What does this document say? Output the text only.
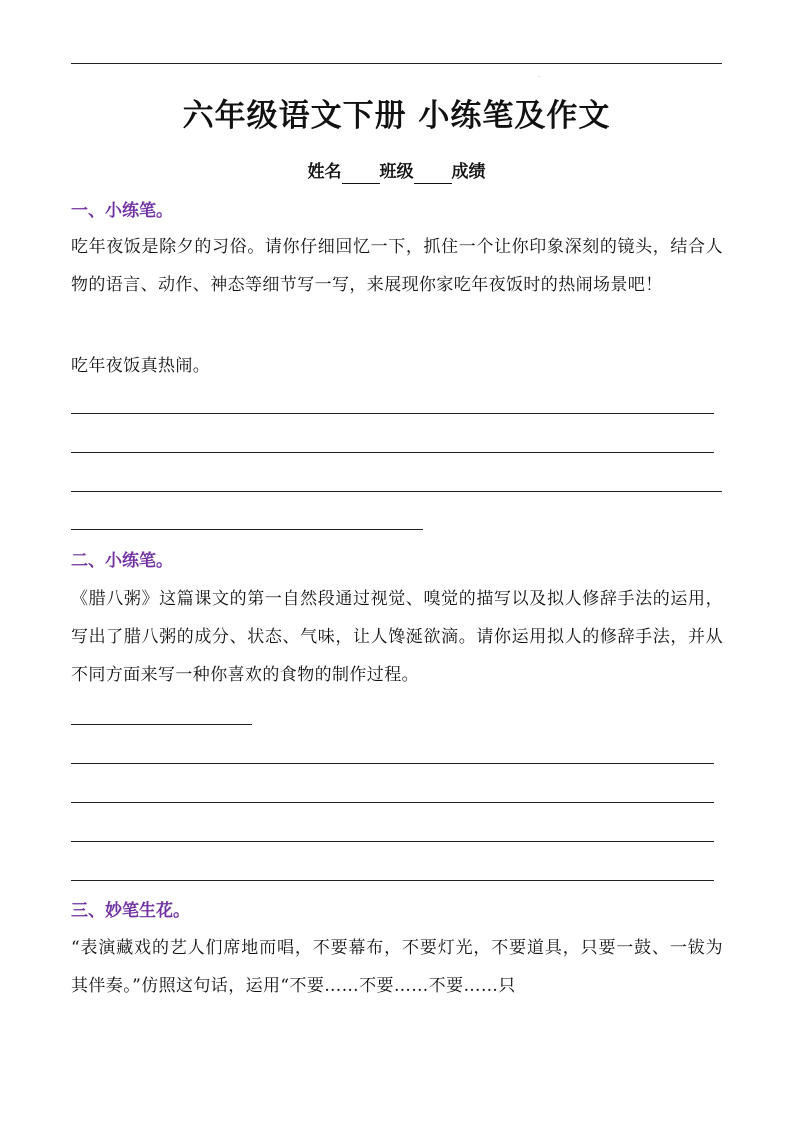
.
六年级语文下册 小练笔及作文
姓名 班级 成绩
一、小练笔。
吃年夜饭是除夕的习俗。请你仔细回忆一下，抓住一个让你印象深刻的镜头，结合人物的语言、动作、神态等细节写一写，来展现你家吃年夜饭时的热闹场景吧！
吃年夜饭真热闹。
二、小练笔。
《腊八粥》这篇课文的第一自然段通过视觉、嗅觉的描写以及拟人修辞手法的运用，写出了腊八粥的成分、状态、气味，让人馋涎欲滴。请你运用拟人的修辞手法，并从不同方面来写一种你喜欢的食物的制作过程。
三、妙笔生花。
“表演藏戏的艺人们席地而唱，不要幕布，不要灯光，不要道具，只要一鼓、一钹为其伴奏。”仿照这句话，运用“不要……不要……不要……只
